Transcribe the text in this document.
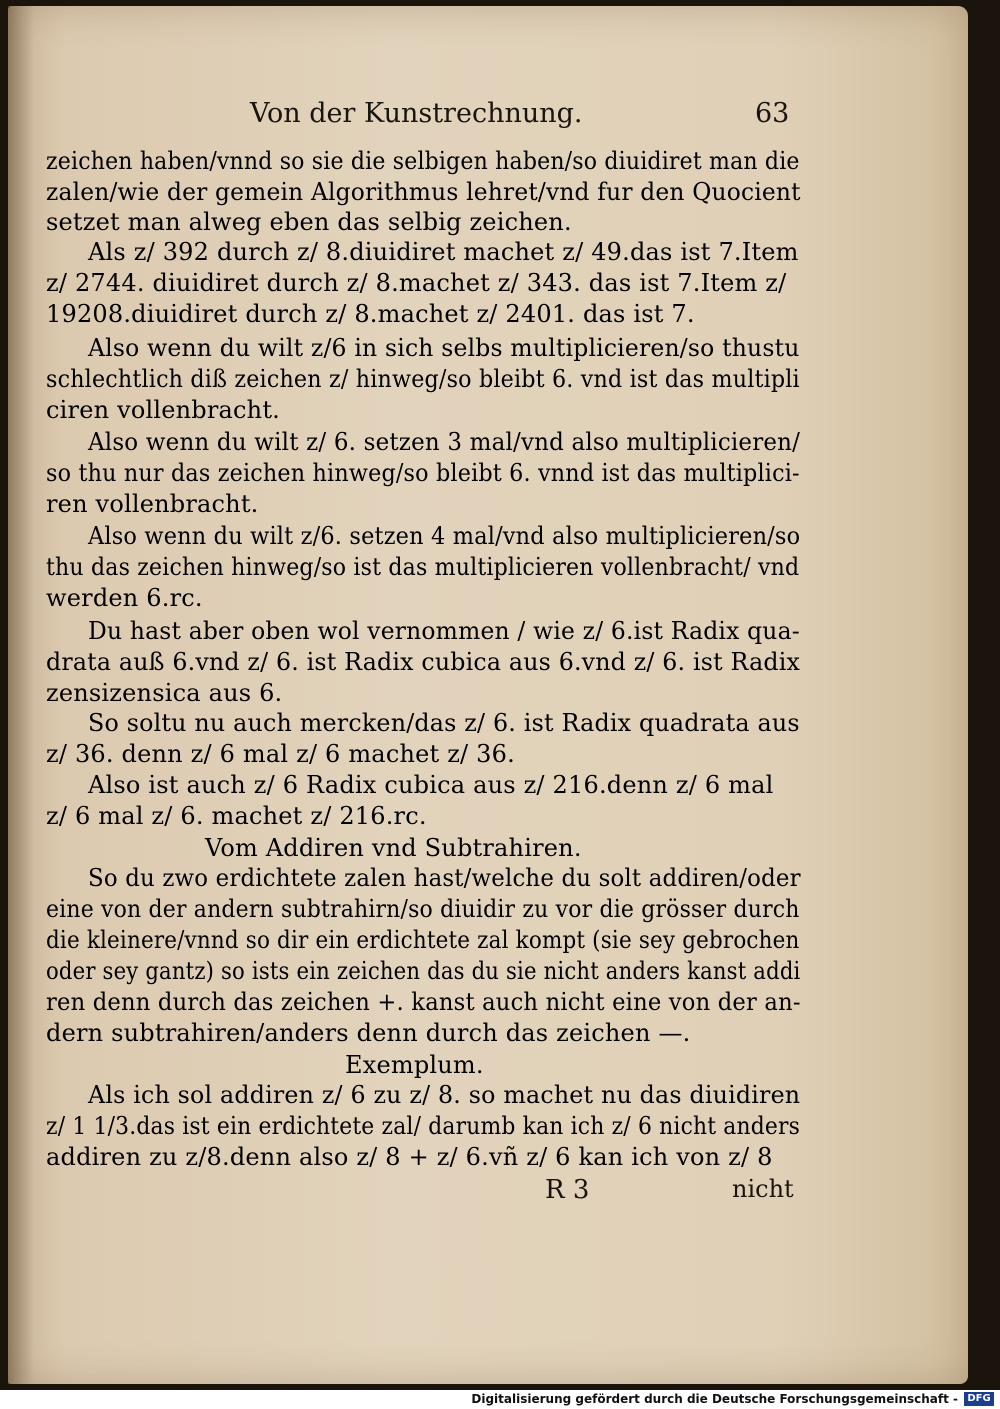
Von der Kunstrechnung.	63
zeichen haben/vnnd so sie die selbigen haben/so diuidiret man die
zalen/wie der gemein Algorithmus lehret/vnd fur den Quocient
setzet man alweg eben das selbig zeichen.
Als z/ 392 durch z/ 8.diuidiret machet z/ 49.das ist 7.Item
z/ 2744. diuidiret durch z/ 8.machet z/ 343. das ist 7.Item z/
19208.diuidiret durch z/ 8.machet z/ 2401. das ist 7.
Also wenn du wilt z/6 in sich selbs multiplicieren/so thustu
schlechtlich diß zeichen z/ hinweg/so bleibt 6. vnd ist das multipli
ciren vollenbracht.
Also wenn du wilt z/ 6. setzen 3 mal/vnd also multiplicieren/
so thu nur das zeichen hinweg/so bleibt 6. vnnd ist das multiplici-
ren vollenbracht.
Also wenn du wilt z/6. setzen 4 mal/vnd also multiplicieren/so
thu das zeichen hinweg/so ist das multiplicieren vollenbracht/ vnd
werden 6.rc.
Du hast aber oben wol vernommen / wie z/ 6.ist Radix qua-
drata auß 6.vnd z/ 6. ist Radix cubica aus 6.vnd z/ 6. ist Radix
zensizensica aus 6.
So soltu nu auch mercken/das z/ 6. ist Radix quadrata aus
z/ 36. denn z/ 6 mal z/ 6 machet z/ 36.
Also ist auch z/ 6 Radix cubica aus z/ 216.denn z/ 6 mal
z/ 6 mal z/ 6. machet z/ 216.rc.
Vom Addiren vnd Subtrahiren.
So du zwo erdichtete zalen hast/welche du solt addiren/oder
eine von der andern subtrahirn/so diuidir zu vor die grösser durch
die kleinere/vnnd so dir ein erdichtete zal kompt (sie sey gebrochen
oder sey gantz) so ists ein zeichen das du sie nicht anders kanst addi
ren denn durch das zeichen +. kanst auch nicht eine von der an-
dern subtrahiren/anders denn durch das zeichen —.
Exemplum.
Als ich sol addiren z/ 6 zu z/ 8. so machet nu das diuidiren
z/ 1 1/3.das ist ein erdichtete zal/ darumb kan ich z/ 6 nicht anders
addiren zu z/8.denn also z/ 8 + z/ 6.vñ z/ 6 kan ich von z/ 8
R 3	nicht
Digitalisierung gefördert durch die Deutsche Forschungsgemeinschaft - DFG
